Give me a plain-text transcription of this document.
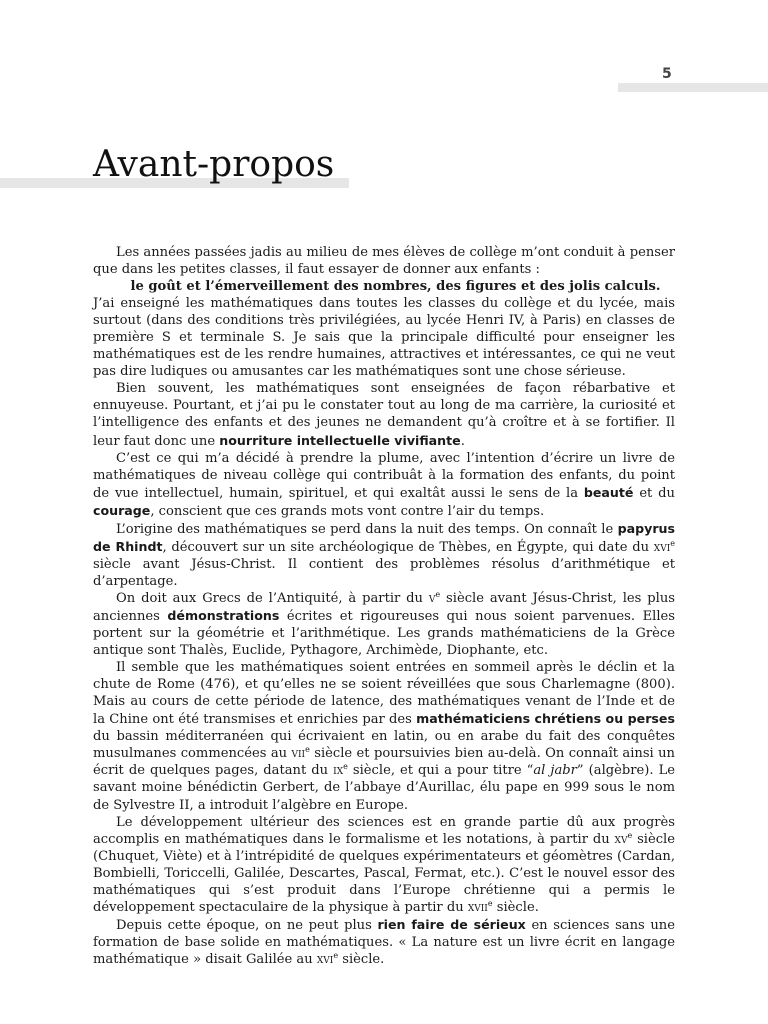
5
Avant-propos

Les années passées jadis au milieu de mes élèves de collège m’ont conduit à penser que dans les petites classes, il faut essayer de donner aux enfants :

le goût et l’émerveillement des nombres, des figures et des jolis calculs.

J’ai enseigné les mathématiques dans toutes les classes du collège et du lycée, mais surtout (dans des conditions très privilégiées, au lycée Henri IV, à Paris) en classes de première S et terminale S. Je sais que la principale difficulté pour enseigner les mathématiques est de les rendre humaines, attractives et intéressantes, ce qui ne veut pas dire ludiques ou amusantes car les mathématiques sont une chose sérieuse.

Bien souvent, les mathématiques sont enseignées de façon rébarbative et ennuyeuse. Pourtant, et j’ai pu le constater tout au long de ma carrière, la curiosité et l’intelligence des enfants et des jeunes ne demandent qu’à croître et à se fortifier. Il leur faut donc une nourriture intellectuelle vivifiante.

C’est ce qui m’a décidé à prendre la plume, avec l’intention d’écrire un livre de mathématiques de niveau collège qui contribuât à la formation des enfants, du point de vue intellectuel, humain, spirituel, et qui exaltât aussi le sens de la beauté et du courage, conscient que ces grands mots vont contre l’air du temps.

L’origine des mathématiques se perd dans la nuit des temps. On connaît le papyrus de Rhindt, découvert sur un site archéologique de Thèbes, en Égypte, qui date du xvi$^e$ siècle avant Jésus-Christ. Il contient des problèmes résolus d’arithmétique et d’arpentage.

On doit aux Grecs de l’Antiquité, à partir du $v^e$ siècle avant Jésus-Christ, les plus anciennes démonstrations écrites et rigoureuses qui nous soient parvenues. Elles portent sur la géométrie et l’arithmétique. Les grands mathématiciens de la Grèce antique sont Thalès, Euclide, Pythagore, Archimède, Diophante, etc.

Il semble que les mathématiques soient entrées en sommeil après le déclin et la chute de Rome (476), et qu’elles ne se soient réveillées que sous Charlemagne (800). Mais au cours de cette période de latence, des mathématiques venant de l’Inde et de la Chine ont été transmises et enrichies par des mathématiciens chrétiens ou perses du bassin méditerranéen qui écrivaient en latin, ou en arabe du fait des conquêtes musulmanes commencées au vii$^e$ siècle et poursuivies bien au-delà. On connaît ainsi un écrit de quelques pages, datant du $ix^e$ siècle, et qui a pour titre “al jabr” (algèbre). Le savant moine bénédictin Gerbert, de l’abbaye d’Aurillac, élu pape en 999 sous le nom de Sylvestre II, a introduit l’algèbre en Europe.

Le développement ultérieur des sciences est en grande partie dû aux progrès accomplis en mathématiques dans le formalisme et les notations, à partir du $xv^e$ siècle (Chuquet, Viète) et à l’intrépidité de quelques expérimentateurs et géomètres (Cardan, Bombielli, Toriccelli, Galilée, Descartes, Pascal, Fermat, etc.). C’est le nouvel essor des mathématiques qui s’est produit dans l’Europe chrétienne qui a permis le développement spectaculaire de la physique à partir du xvii$^e$ siècle.

Depuis cette époque, on ne peut plus rien faire de sérieux en sciences sans une formation de base solide en mathématiques. « La nature est un livre écrit en langage mathématique » disait Galilée au xvi$^e$ siècle.
